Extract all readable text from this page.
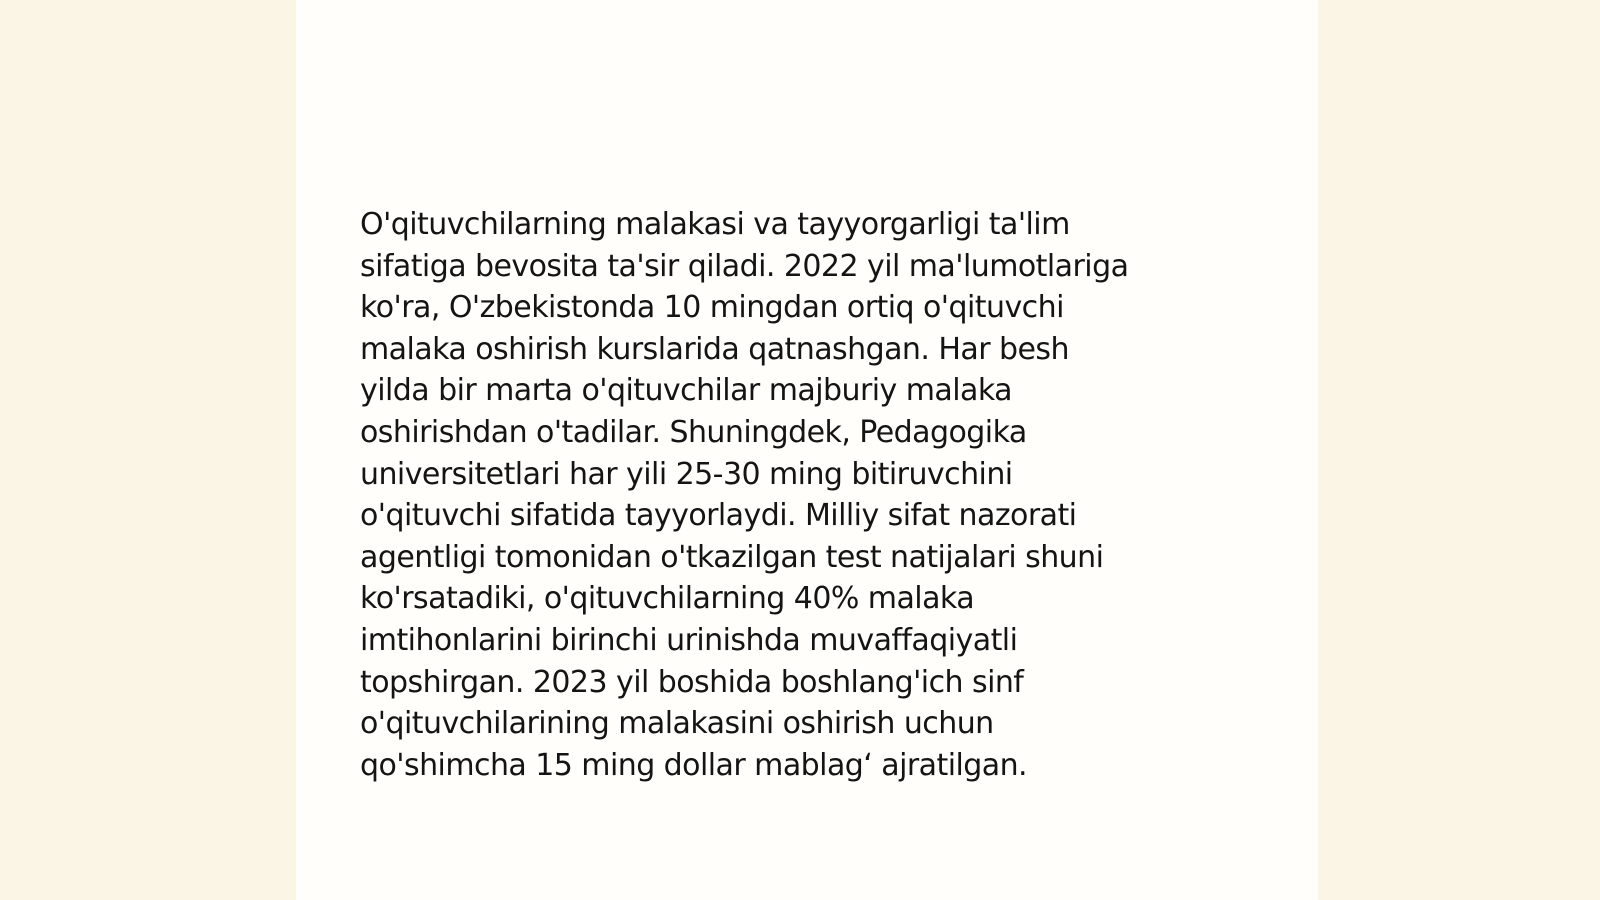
O'qituvchilarning malakasi va tayyorgarligi ta'lim
sifatiga bevosita ta'sir qiladi. 2022 yil ma'lumotlariga
ko'ra, O'zbekistonda 10 mingdan ortiq o'qituvchi
malaka oshirish kurslarida qatnashgan. Har besh
yilda bir marta o'qituvchilar majburiy malaka
oshirishdan o'tadilar. Shuningdek, Pedagogika
universitetlari har yili 25-30 ming bitiruvchini
o'qituvchi sifatida tayyorlaydi. Milliy sifat nazorati
agentligi tomonidan o'tkazilgan test natijalari shuni
ko'rsatadiki, o'qituvchilarning 40% malaka
imtihonlarini birinchi urinishda muvaffaqiyatli
topshirgan. 2023 yil boshida boshlang'ich sinf
o'qituvchilarining malakasini oshirish uchun
qo'shimcha 15 ming dollar mablag‘ ajratilgan.
